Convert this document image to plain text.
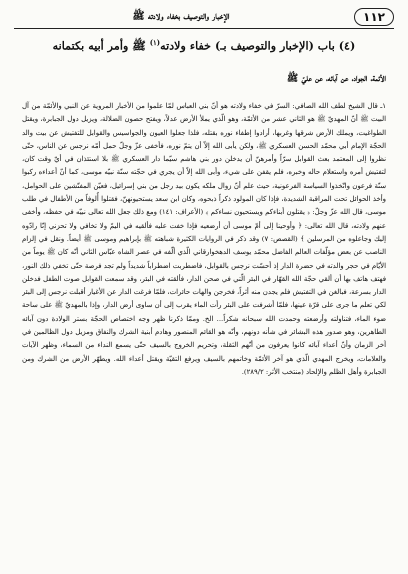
١١٢
الإخبار والتوصيف بخفاء ولادته ﷺ
(٤) باب (الإخبار والتوصيف بـ) خفاء ولادته$^{(١)}$ ﷺ وأمر أبيه بكتمانه
الأئمة، الجواد، عن آبائه، عن عليّ ﷺ

١ـ قال الشيخ لطف الله الصافي: السرّ في خفاء ولادته هو أنّ بني العباس لمّا علموا من الأخبار المروية عن النبي والأئمّة من آل البيت ﷺ أنّ المهديّ ﷺ هو الثاني عشر من الأئمّة، وهو الّذي يملأ الأرض عدلاً، ويفتح حصون الضلالة، ويزيل دول الجبابرة، ويقتل الطواغيت، ويملك الأرض شرقها وغربها، أرادوا إطفاء نوره بقتله، فلذا جعلوا العيون والجواسيس والقوابل للتفتيش عن بيت والد الحجّة الإمام أبي محمّد الحسن العسكري ﷺ، ولكن يأبى الله إلاّ أن يتمّ نوره، فأخفى عزّ وجلّ حمل أمّه نرجس عن الناس، حتّى نظروا إلى المعتمد بعث القوابل سرّاً وأمرهنّ أن يدخلن دور بني هاشم سيّما دار العسكري ﷺ بلا استئذان في أيّ وقت كان، لتفتيش أمره واستعلام حاله وخبره، فلم يقفن على شيء، وأبى الله إلاّ أن يجري في حجّته سنّة نبيّه موسى، كما أنّ أعداءه ركبوا سنّة فرعون واتّخذوا السياسة الفرعونية، حيث علم أنّ زوال ملكه يكون بيد رجل من بني إسرائيل، فعيّن المفتّشين على الحوامل، وأخذ الحوائل تحت المراقبة الشديدة، فإذا كان المولود ذكراً ذبحوه، وكان ابن سعد يستحيونهنّ، فقتلوا أُلوفاً من الأطفال في طلب موسى، قال الله عزّ وجلّ: ﴿ يقتلون أبناءكم ويستحيون نساءكم ﴾ (الأعراف: ١٤١) ومع ذلك جعل الله تعالى نبيّه في حفظه، وأخفى عنهم ولادته، قال الله تعالى: ﴿ وأوحينا إلى أمّ موسى أن أرضعيه فإذا خفت عليه فألقيه في اليمّ ولا تخافي ولا تحزني إنّا رادّوه إليك وجاعلوه من المرسلين ﴾ (القصص: ٧) وقد ذكر في الروايات الكثيرة شباهته ﷺ بإبراهيم وموسى ﷺ أيضاً. ونقل في إلزام الناصب عن بعض مؤلّفات العالم الفاضل محمّد يوسف الدهخوارقاني الّذي ألّفه في عصر الشاه عبّاس الثاني أنّه كان ﷺ يوماً من الأيّام في حجر والدته في حضرة الدار إذ أحسّت نرجس بالقوابل، فاضطربت اضطراباً شديداً ولم تجد فرصة حتّى تخفي ذلك النور، فهتف هاتف بها أن ألقي حجّة الله القهّار في البئر الّتي في صحن الدار، فألقته في البئر، وقد سمعت القوابل صوت الطفل فدخلن الدار بسرعة، فبالغن في التفتيش فلم يجدن منه أثراً، فخرجن والهات حائرات، فلمّا فرغت الدار عن الأغيار أقبلت نرجس إلى البئر لكي تعلم ما جرى على قرّة عينها، فلمّا أشرفت على البئر رأت الماء يقرب إلى أن ساوى أرض الدار، وإذا بالمهديّ ﷺ على ساحة ضوء الماء، فتناولته وأرضعته وحمدت الله سبحانه شكراً... الخ. وممّا ذكرنا ظهر وجه اختصاص الحجّة بستر الولادة دون آبائه الطاهرين، وهو صدور هذه البشائر في شأنه دونهم، وأنّه هو القائم المنصور وهادم أبنية الشرك والنفاق ومزيل دول الظالمين في آخر الزمان وأنّ أعداء آبائه كانوا يعرفون من أنّهم الثقلة، وتحريم الخروج بالسيف حتّى يسمع النداء من السماء، وظهر الآيات والعلامات، ويخرج المهدي الّذي هو آخر الأئمّة وخاتمهم بالسيف ويرفع التقيّة ويقتل أعداء الله. ويطهّر الأرض من الشرك ومن الجبابرة وأهل الظلم والإلحاد (منتخب الأثر: ٢٨٩/٢).
